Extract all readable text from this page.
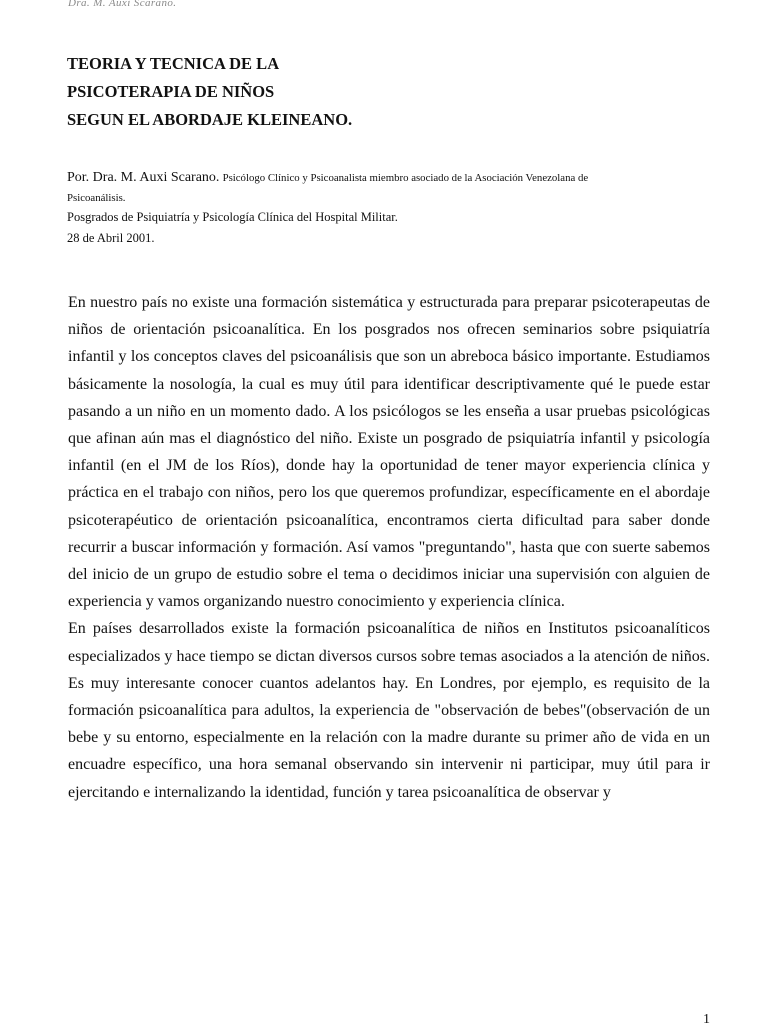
Dra. M. Auxi Scarano.
TEORIA Y TECNICA DE LA
PSICOTERAPIA DE NIÑOS
SEGUN EL ABORDAJE KLEINEANO.
Por. Dra. M. Auxi Scarano. Psicólogo Clínico y Psicoanalista miembro asociado de la Asociación Venezolana de
Psicoanálisis.
Posgrados de Psiquiatría y Psicología Clínica del Hospital Militar.
28 de Abril 2001.

En nuestro país no existe una formación sistemática y estructurada para preparar psicoterapeutas de niños de orientación psicoanalítica. En los posgrados nos ofrecen seminarios sobre psiquiatría infantil y los conceptos claves del psicoanálisis que son un abreboca básico importante. Estudiamos básicamente la nosología, la cual es muy útil para identificar descriptivamente qué le puede estar pasando a un niño en un momento dado. A los psicólogos se les enseña a usar pruebas psicológicas que afinan aún mas el diagnóstico del niño. Existe un posgrado de psiquiatría infantil y psicología infantil (en el JM de los Ríos), donde hay la oportunidad de tener mayor experiencia clínica y práctica en el trabajo con niños, pero los que queremos profundizar, específicamente en el abordaje psicoterapéutico de orientación psicoanalítica, encontramos cierta dificultad para saber donde recurrir a buscar información y formación. Así vamos "preguntando", hasta que con suerte sabemos del inicio de un grupo de estudio sobre el tema o decidimos iniciar una supervisión con alguien de experiencia y vamos organizando nuestro conocimiento y experiencia clínica.

En países desarrollados existe la formación psicoanalítica de niños en Institutos psicoanalíticos especializados y hace tiempo se dictan diversos cursos sobre temas asociados a la atención de niños. Es muy interesante conocer cuantos adelantos hay. En Londres, por ejemplo, es requisito de la formación psicoanalítica para adultos, la experiencia de "observación de bebes"(observación de un bebe y su entorno, especialmente en la relación con la madre durante su primer año de vida en un encuadre específico, una hora semanal observando sin intervenir ni participar, muy útil para ir ejercitando e internalizando la identidad, función y tarea psicoanalítica de observar y

1
